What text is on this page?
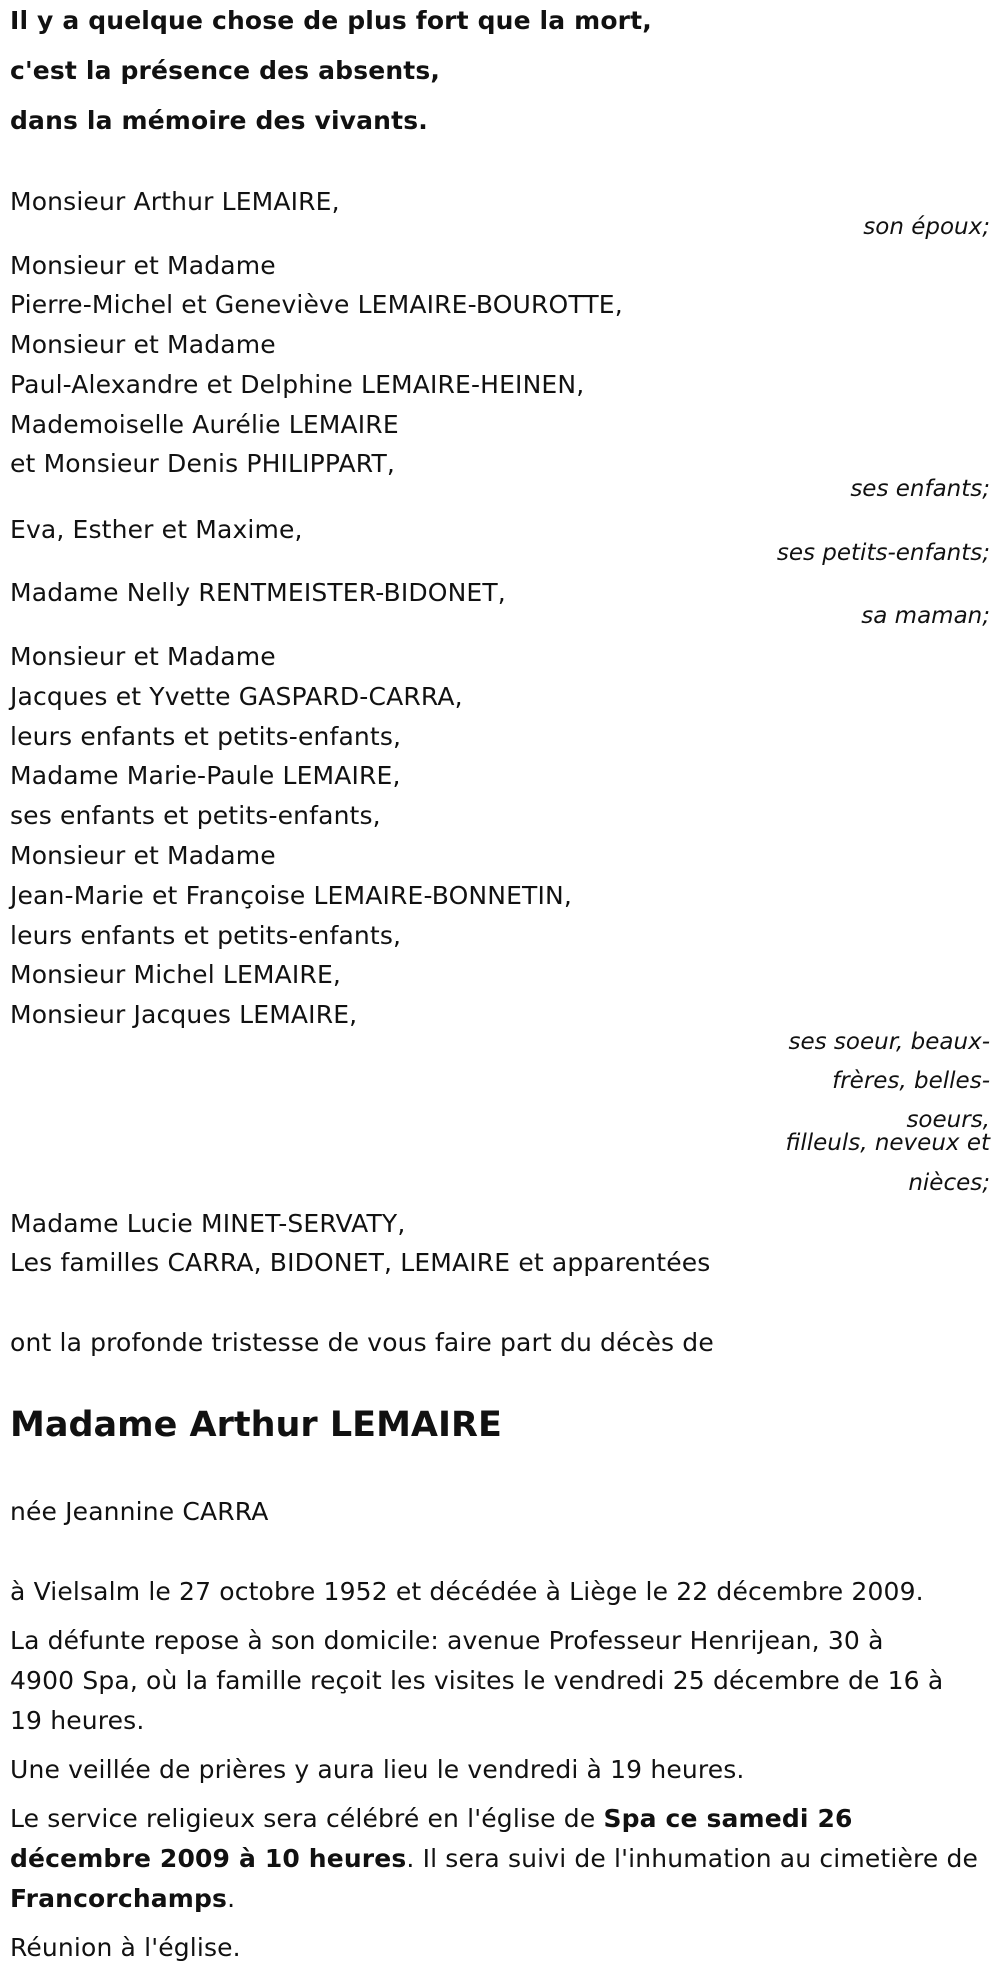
Il y a quelque chose de plus fort que la mort,
c'est la présence des absents,
dans la mémoire des vivants.
Monsieur Arthur LEMAIRE,
son époux;
Monsieur et Madame
Pierre-Michel et Geneviève LEMAIRE-BOUROTTE,
Monsieur et Madame
Paul-Alexandre et Delphine LEMAIRE-HEINEN,
Mademoiselle Aurélie LEMAIRE
et Monsieur Denis PHILIPPART,
ses enfants;
Eva, Esther et Maxime,
ses petits-enfants;
Madame Nelly RENTMEISTER-BIDONET,
sa maman;
Monsieur et Madame
Jacques et Yvette GASPARD-CARRA,
leurs enfants et petits-enfants,
Madame Marie-Paule LEMAIRE,
ses enfants et petits-enfants,
Monsieur et Madame
Jean-Marie et Françoise LEMAIRE-BONNETIN,
leurs enfants et petits-enfants,
Monsieur Michel LEMAIRE,
Monsieur Jacques LEMAIRE,
ses soeur, beaux-
frères, belles-
soeurs,
filleuls, neveux et
nièces;
Madame Lucie MINET-SERVATY,
Les familles CARRA, BIDONET, LEMAIRE et apparentées
ont la profonde tristesse de vous faire part du décès de
Madame Arthur LEMAIRE
née Jeannine CARRA
à Vielsalm le 27 octobre 1952 et décédée à Liège le 22 décembre 2009.
La défunte repose à son domicile: avenue Professeur Henrijean, 30 à
4900 Spa, où la famille reçoit les visites le vendredi 25 décembre de 16 à
19 heures.
Une veillée de prières y aura lieu le vendredi à 19 heures.
Le service religieux sera célébré en l'église de Spa ce samedi 26
décembre 2009 à 10 heures. Il sera suivi de l'inhumation au cimetière de
Francorchamps.
Réunion à l'église.
